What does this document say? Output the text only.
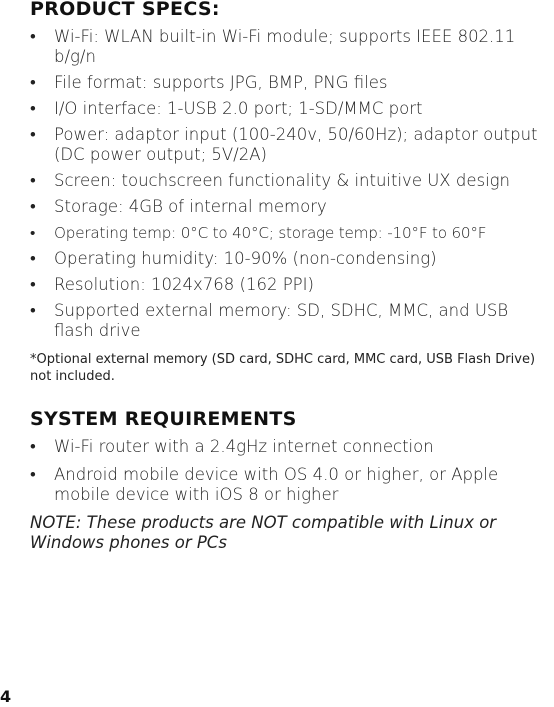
PRODUCT SPECS:
• Wi-Fi: WLAN built-in Wi-Fi module; supports IEEE 802.11 b/g/n
• File format: supports JPG, BMP, PNG files
• I/O interface: 1-USB 2.0 port; 1-SD/MMC port
• Power: adaptor input (100-240v, 50/60Hz); adaptor output (DC power output; 5V/2A)
• Screen: touchscreen functionality & intuitive UX design
• Storage: 4GB of internal memory
• Operating temp: 0°C to 40°C; storage temp: -10°F to 60°F
• Operating humidity: 10-90% (non-condensing)
• Resolution: 1024x768 (162 PPI)
• Supported external memory: SD, SDHC, MMC, and USB flash drive

*Optional external memory (SD card, SDHC card, MMC card, USB Flash Drive) not included.

SYSTEM REQUIREMENTS
• Wi-Fi router with a 2.4gHz internet connection
• Android mobile device with OS 4.0 or higher, or Apple mobile device with iOS 8 or higher

NOTE: These products are NOT compatible with Linux or Windows phones or PCs

4
